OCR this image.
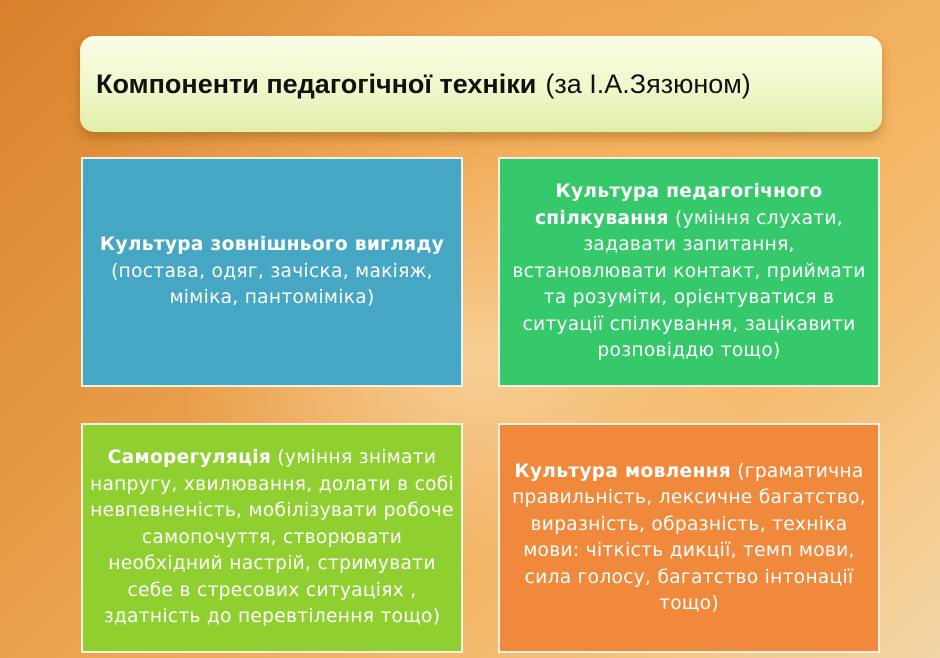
Компоненти педагогічної техніки (за І.А.Зязюном)
Культура зовнішнього вигляду
(постава, одяг, зачіска, макіяж, міміка, пантоміміка)
Культура педагогічного спілкування (уміння слухати, задавати запитання, встановлювати контакт, приймати та розуміти, орієнтуватися в ситуації спілкування, зацікавити розповіддю тощо)
Саморегуляція (уміння знімати напругу, хвилювання, долати в собі невпевненість, мобілізувати робоче самопочуття, створювати необхідний настрій, стримувати себе в стресових ситуаціях , здатність до перевтілення тощо)
Культура мовлення (граматична правильність, лексичне багатство, виразність, образність, техніка мови: чіткість дикції, темп мови, сила голосу, багатство інтонації тощо)
